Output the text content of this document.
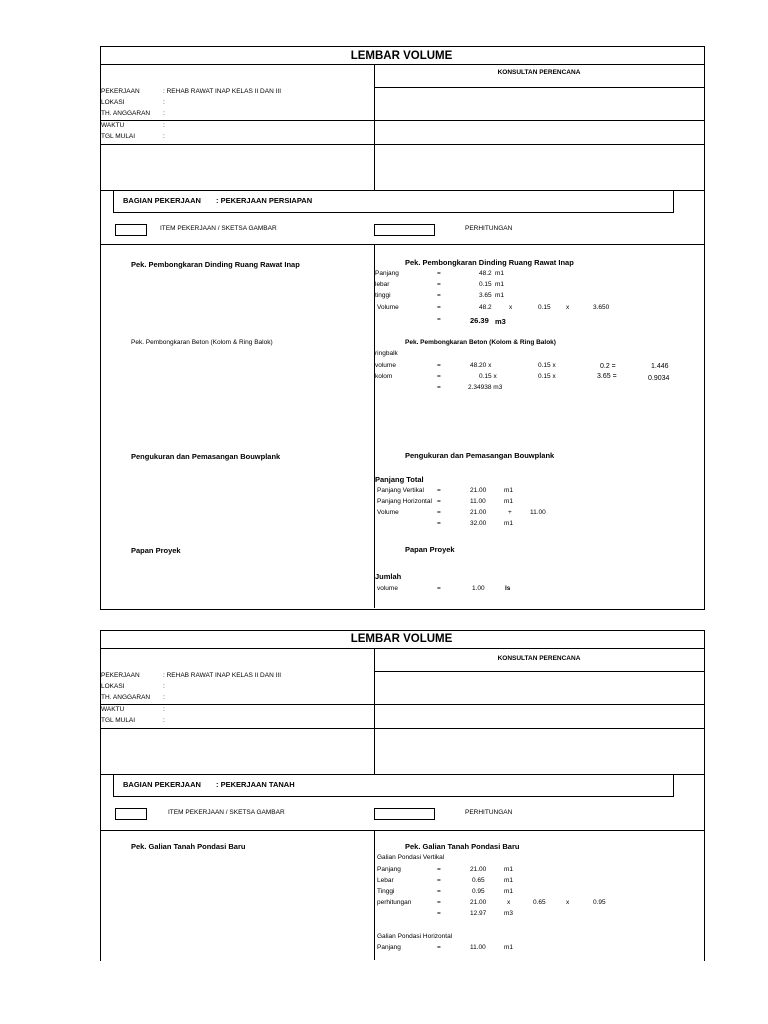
LEMBAR VOLUME
KONSULTAN PERENCANA
PEKERJAAN	: REHAB RAWAT INAP KELAS II DAN III
LOKASI	:
TH. ANGGARAN :
WAKTU	:
TGL MULAI	:
BAGIAN PEKERJAAN : PEKERJAAN PERSIAPAN
ITEM PEKERJAAN / SKETSA GAMBAR	PERHITUNGAN
Pek. Pembongkaran Dinding Ruang Rawat Inap
Pek. Pembongkaran Beton (Kolom & Ring Balok)
Pengukuran dan Pemasangan Bouwplank
Papan Proyek
Pek. Pembongkaran Dinding Ruang Rawat Inap
Panjang	=	48.2 m1
lebar	=	0.15 m1
tinggi	=	3.65 m1
Volume	=	48.2	x	0.15 x	3.650
=	26.39 m3
Pek. Pembongkaran Beton (Kolom & Ring Balok)
ringbalk
volume	=	48.20 x	0.15 x	0.2 =	1.446
kolom	=	0.15 x	0.15 x	3.65 =	0.9034
=	2.34938 m3
Pengukuran dan Pemasangan Bouwplank
Panjang Total
Panjang Vertikal =	21.00	m1
Panjang Horizontal =	11.00	m1
Volume	=	21.00	+	11.00
=	32.00	m1
Papan Proyek
Jumlah
volume	=	1.00	ls
LEMBAR VOLUME
KONSULTAN PERENCANA
PEKERJAAN	: REHAB RAWAT INAP KELAS II DAN III
LOKASI	:
TH. ANGGARAN :
WAKTU	:
TGL MULAI	:
BAGIAN PEKERJAAN : PEKERJAAN TANAH
ITEM PEKERJAAN / SKETSA GAMBAR	PERHITUNGAN
Pek. Galian Tanah Pondasi Baru	Pek. Galian Tanah Pondasi Baru
Galian Pondasi Vertikal
Panjang	=	21.00	m1
Lebar	=	0.65	m1
Tinggi	=	0.95	m1
perhitungan	=	21.00	x	0.65	x	0.95
=	12.97	m3
Galian Pondasi Horizontal
Panjang	=	11.00	m1
